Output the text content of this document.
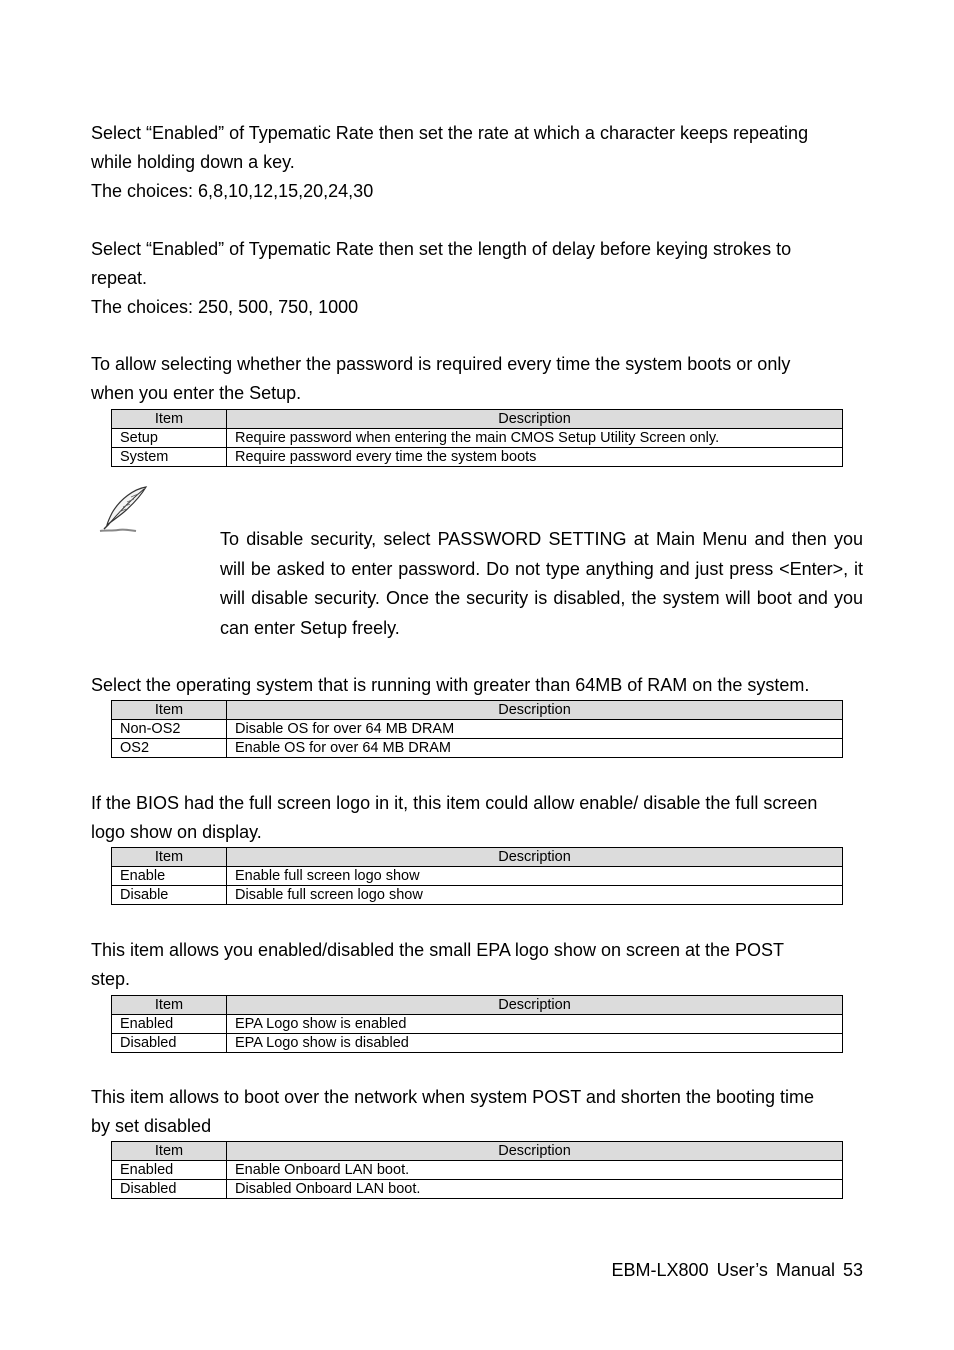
Select “Enabled” of Typematic Rate then set the rate at which a character keeps repeating
while holding down a key.
The choices: 6,8,10,12,15,20,24,30
Select “Enabled” of Typematic Rate then set the length of delay before keying strokes to
repeat.
The choices: 250, 500, 750, 1000
To allow selecting whether the password is required every time the system boots or only
when you enter the Setup.
Item	Description
Setup	Require password when entering the main CMOS Setup Utility Screen only.
System	Require password every time the system boots

To disable security, select PASSWORD SETTING at Main Menu and then you will be asked to enter password. Do not type anything and just press <Enter>, it will disable security. Once the security is disabled, the system will boot and you can enter Setup freely.

Select the operating system that is running with greater than 64MB of RAM on the system.
Item	Description
Non-OS2	Disable OS for over 64 MB DRAM
OS2	Enable OS for over 64 MB DRAM
If the BIOS had the full screen logo in it, this item could allow enable/ disable the full screen
logo show on display.
Item	Description
Enable	Enable full screen logo show
Disable	Disable full screen logo show
This item allows you enabled/disabled the small EPA logo show on screen at the POST
step.
Item	Description
Enabled	EPA Logo show is enabled
Disabled	EPA Logo show is disabled
This item allows to boot over the network when system POST and shorten the booting time
by set disabled
Item	Description
Enabled	Enable Onboard LAN boot.
Disabled	Disabled Onboard LAN boot.
EBM-LX800 User’s Manual 53
